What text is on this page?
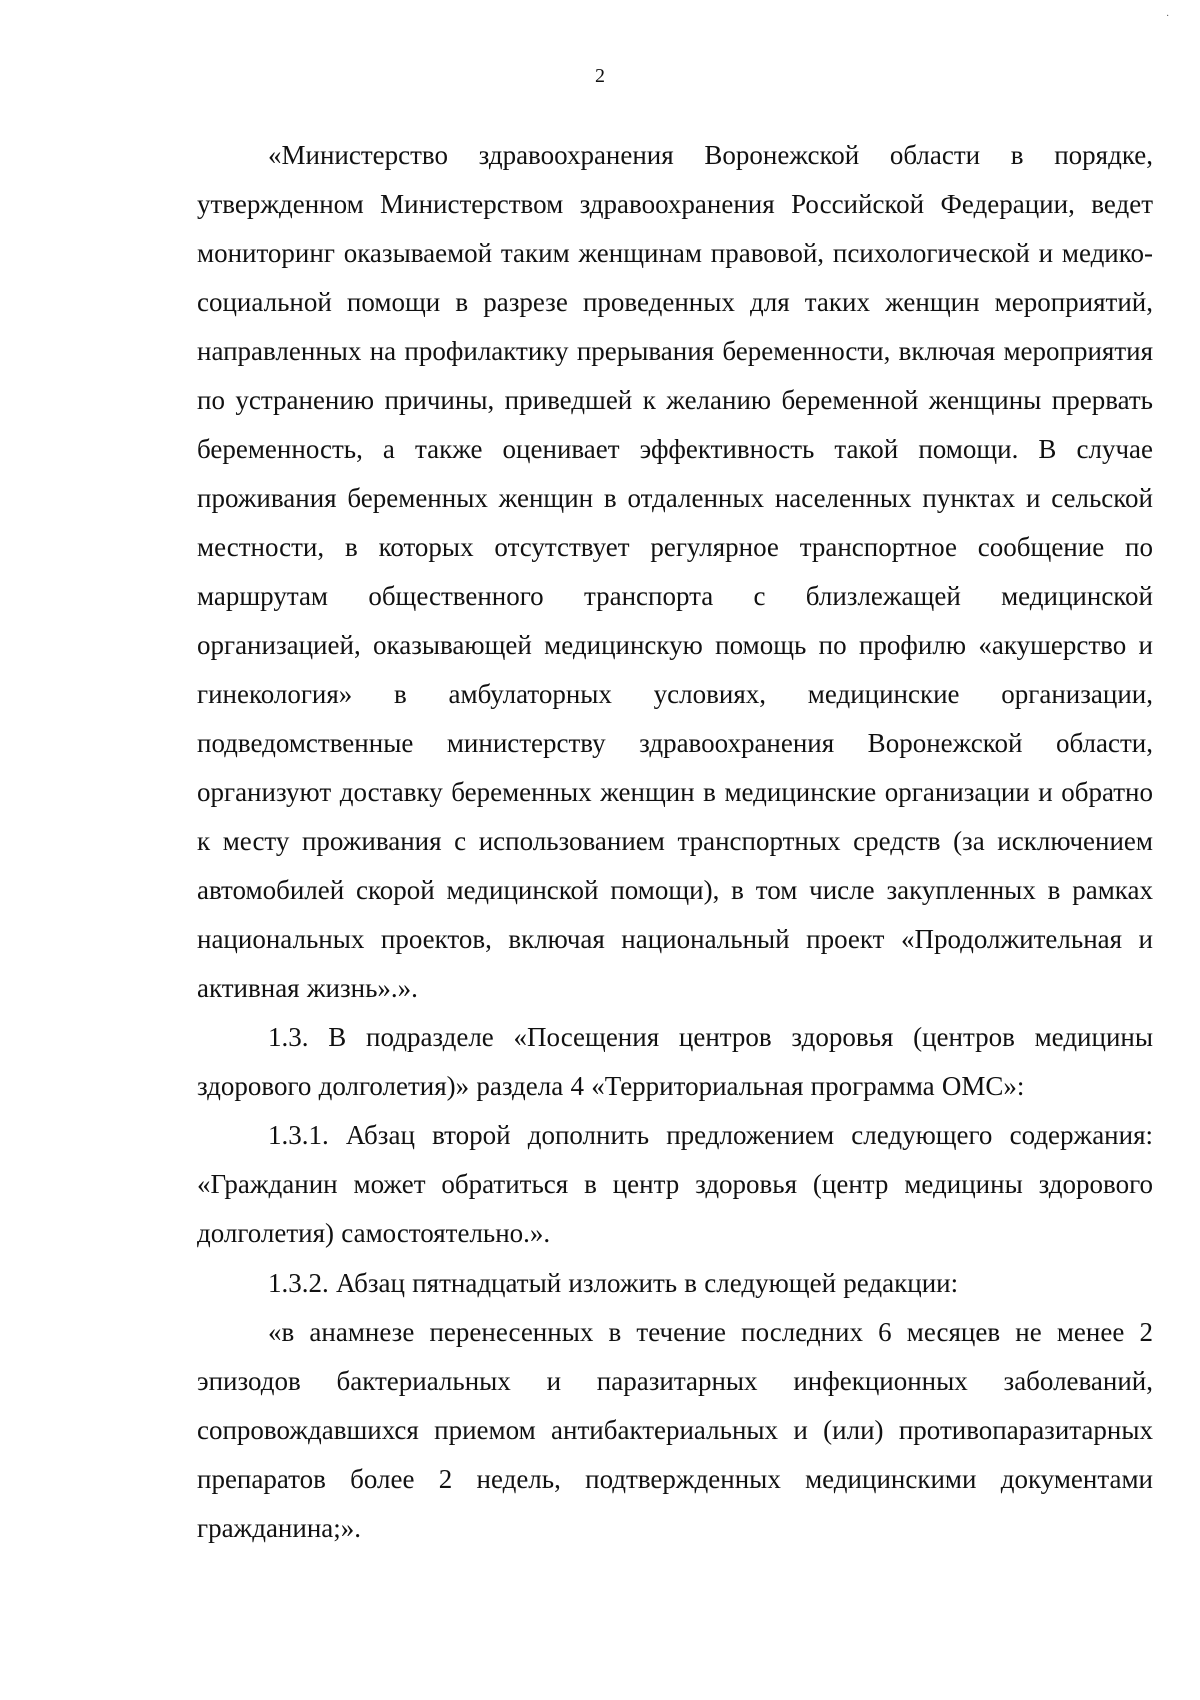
·
2

«Министерство здравоохранения Воронежской области в порядке, утвержденном Министерством здравоохранения Российской Федерации, ведет мониторинг оказываемой таким женщинам правовой, психологической и медико-социальной помощи в разрезе проведенных для таких женщин мероприятий, направленных на профилактику прерывания беременности, включая мероприятия по устранению причины, приведшей к желанию беременной женщины прервать беременность, а также оценивает эффективность такой помощи. В случае проживания беременных женщин в отдаленных населенных пунктах и сельской местности, в которых отсутствует регулярное транспортное сообщение по маршрутам общественного транспорта с близлежащей медицинской организацией, оказывающей медицинскую помощь по профилю «акушерство и гинекология» в амбулаторных условиях, медицинские организации, подведомственные министерству здравоохранения Воронежской области, организуют доставку беременных женщин в медицинские организации и обратно к месту проживания с использованием транспортных средств (за исключением автомобилей скорой медицинской помощи), в том числе закупленных в рамках национальных проектов, включая национальный проект «Продолжительная и активная жизнь».».

1.3. В подразделе «Посещения центров здоровья (центров медицины здорового долголетия)» раздела 4 «Территориальная программа ОМС»:

1.3.1. Абзац второй дополнить предложением следующего содержания: «Гражданин может обратиться в центр здоровья (центр медицины здорового долголетия) самостоятельно.».

1.3.2. Абзац пятнадцатый изложить в следующей редакции:

«в анамнезе перенесенных в течение последних 6 месяцев не менее 2 эпизодов бактериальных и паразитарных инфекционных заболеваний, сопровождавшихся приемом антибактериальных и (или) противопаразитарных препаратов более 2 недель, подтвержденных медицинскими документами гражданина;».
